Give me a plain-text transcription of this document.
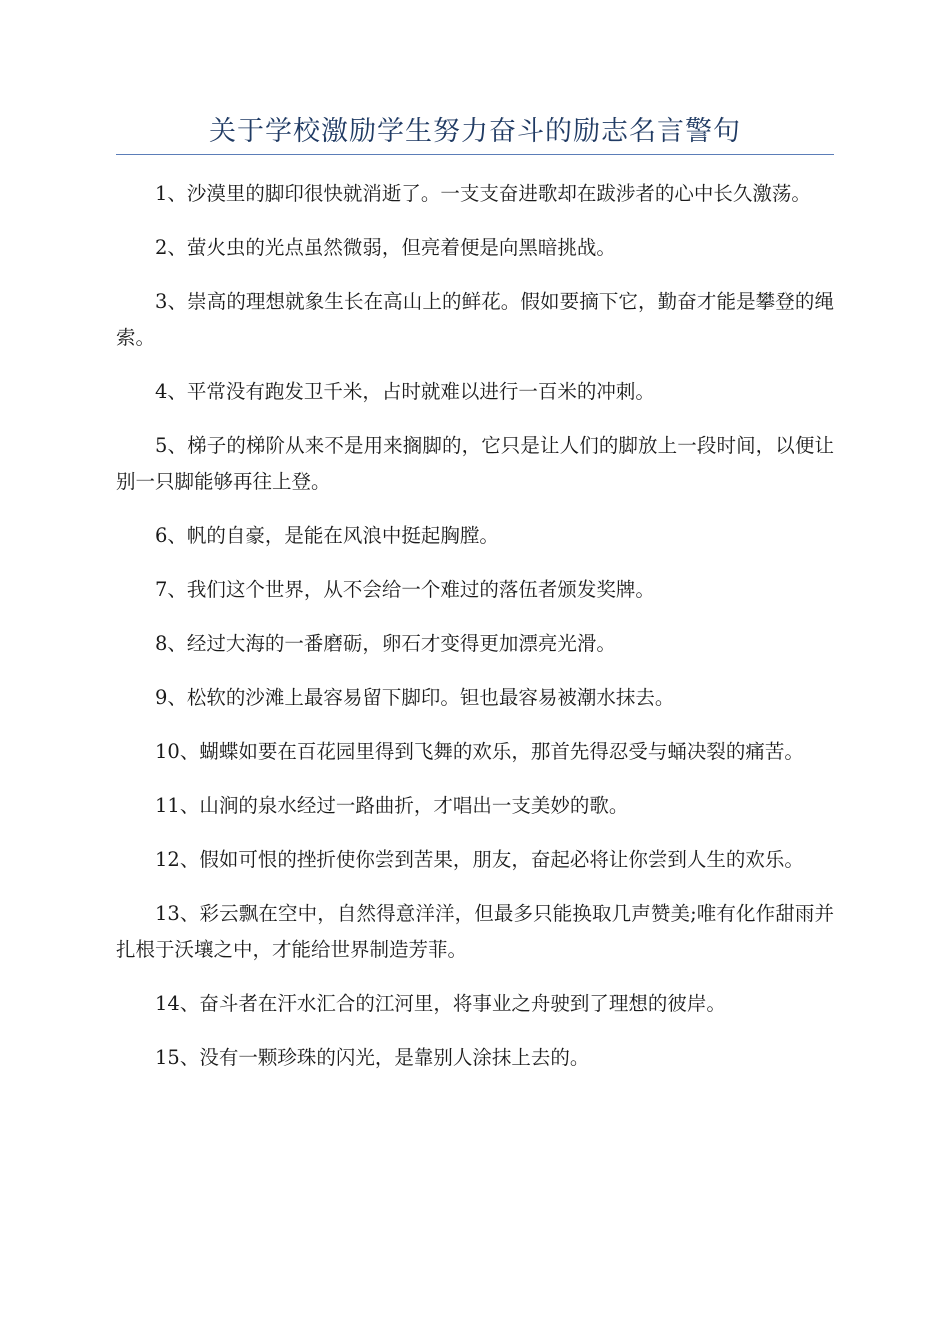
关于学校激励学生努力奋斗的励志名言警句

1、沙漠里的脚印很快就消逝了。一支支奋进歌却在跋涉者的心中长久激荡。

2、萤火虫的光点虽然微弱，但亮着便是向黑暗挑战。

3、崇高的理想就象生长在高山上的鲜花。假如要摘下它，勤奋才能是攀登的绳索。

4、平常没有跑发卫千米，占时就难以进行一百米的冲刺。

5、梯子的梯阶从来不是用来搁脚的，它只是让人们的脚放上一段时间，以便让别一只脚能够再往上登。

6、帆的自豪，是能在风浪中挺起胸膛。

7、我们这个世界，从不会给一个难过的落伍者颁发奖牌。

8、经过大海的一番磨砺，卵石才变得更加漂亮光滑。

9、松软的沙滩上最容易留下脚印。钽也最容易被潮水抹去。

10、蝴蝶如要在百花园里得到飞舞的欢乐，那首先得忍受与蛹决裂的痛苦。

11、山涧的泉水经过一路曲折，才唱出一支美妙的歌。

12、假如可恨的挫折使你尝到苦果，朋友，奋起必将让你尝到人生的欢乐。

13、彩云飘在空中，自然得意洋洋，但最多只能换取几声赞美;唯有化作甜雨并扎根于沃壤之中，才能给世界制造芳菲。

14、奋斗者在汗水汇合的江河里，将事业之舟驶到了理想的彼岸。

15、没有一颗珍珠的闪光，是靠别人涂抹上去的。
